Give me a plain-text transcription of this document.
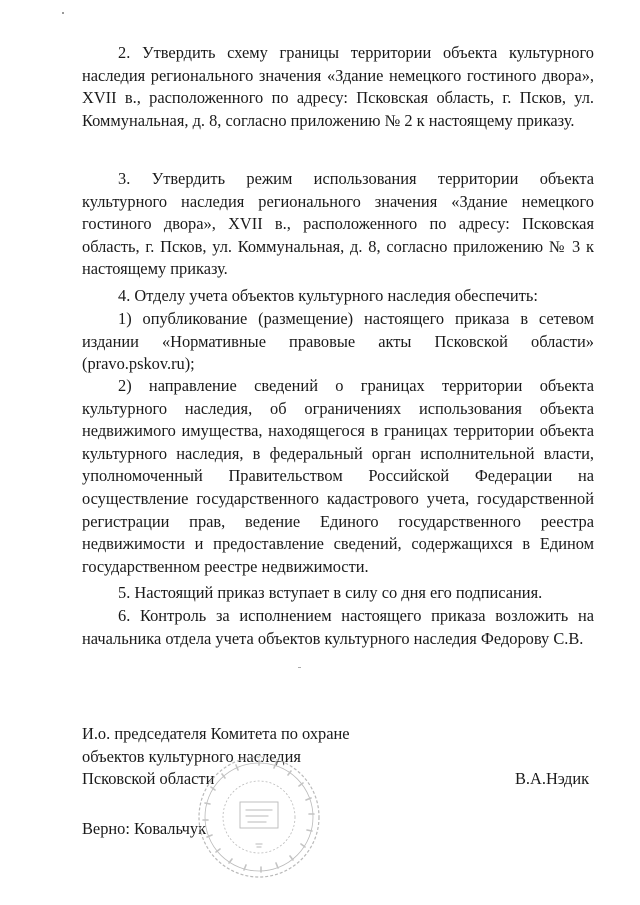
2. Утвердить схему границы территории объекта культурного наследия регионального значения «Здание немецкого гостиного двора», XVII в., расположенного по адресу: Псковская область, г. Псков, ул. Коммунальная, д. 8, согласно приложению № 2 к настоящему приказу.

3. Утвердить режим использования территории объекта культурного наследия регионального значения «Здание немецкого гостиного двора», XVII в., расположенного по адресу: Псковская область, г. Псков, ул. Коммунальная, д. 8, согласно приложению № 3 к настоящему приказу.

4. Отделу учета объектов культурного наследия обеспечить:

1) опубликование (размещение) настоящего приказа в сетевом издании «Нормативные правовые акты Псковской области» (pravo.pskov.ru);

2) направление сведений о границах территории объекта культурного наследия, об ограничениях использования объекта недвижимого имущества, находящегося в границах территории объекта культурного наследия, в федеральный орган исполнительной власти, уполномоченный Правительством Российской Федерации на осуществление государственного кадастрового учета, государственной регистрации прав, ведение Единого государственного реестра недвижимости и предоставление сведений, содержащихся в Едином государственном реестре недвижимости.

5. Настоящий приказ вступает в силу со дня его подписания.

6. Контроль за исполнением настоящего приказа возложить на начальника отдела учета объектов культурного наследия Федорову С.В.

И.о. председателя Комитета по охране
объектов культурного наследия
Псковской области	В.А.Нэдик
Верно: Ковальчук
